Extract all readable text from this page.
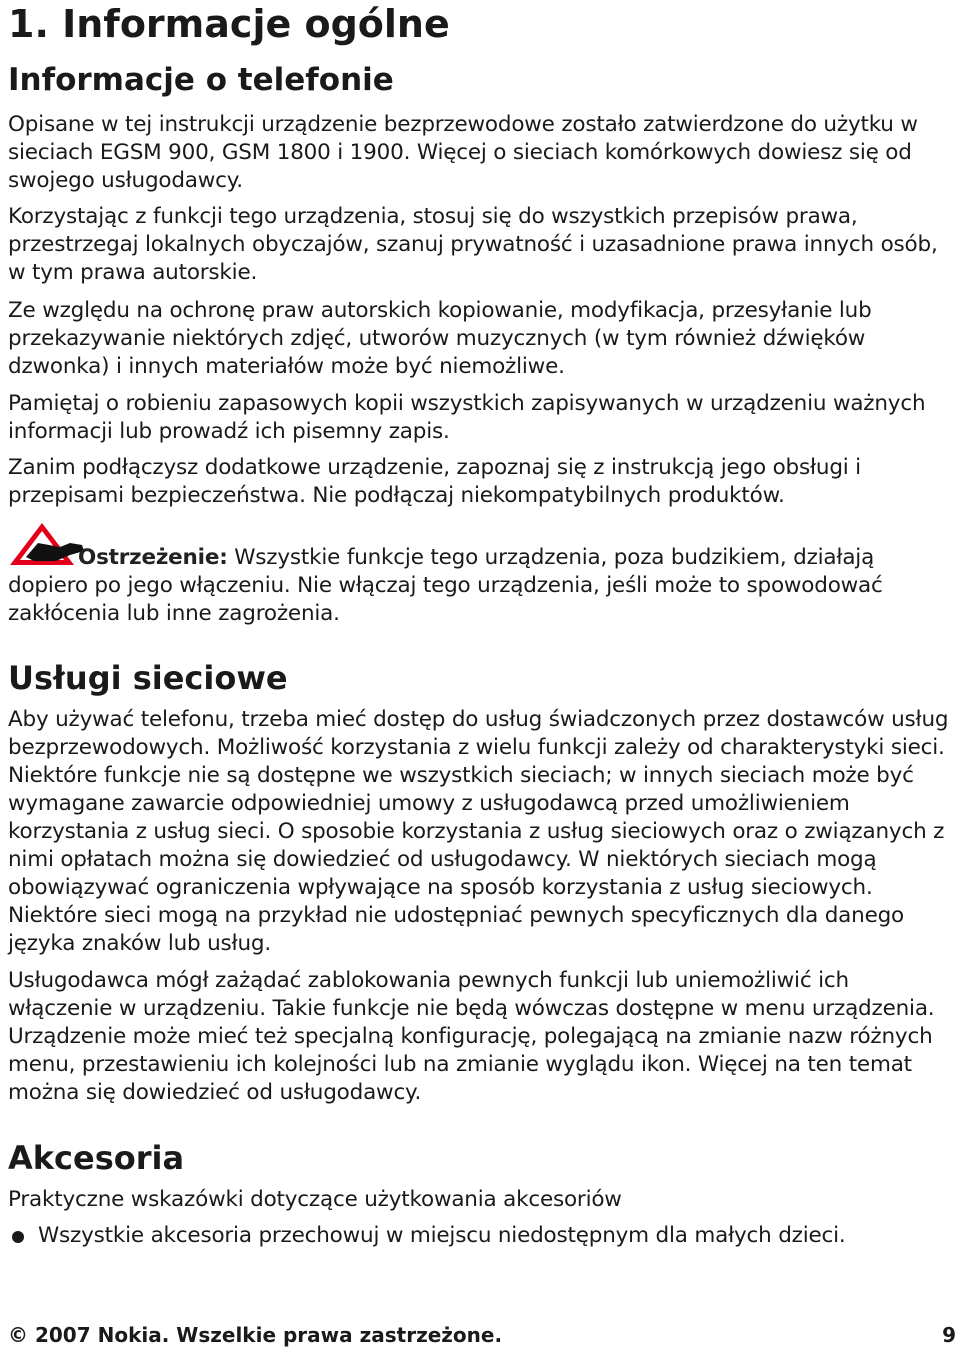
1. Informacje ogólne
Informacje o telefonie

Opisane w tej instrukcji urządzenie bezprzewodowe zostało zatwierdzone do użytku w sieciach EGSM 900, GSM 1800 i 1900. Więcej o sieciach komórkowych dowiesz się od swojego usługodawcy.

Korzystając z funkcji tego urządzenia, stosuj się do wszystkich przepisów prawa, przestrzegaj lokalnych obyczajów, szanuj prywatność i uzasadnione prawa innych osób, w tym prawa autorskie.

Ze względu na ochronę praw autorskich kopiowanie, modyfikacja, przesyłanie lub przekazywanie niektórych zdjęć, utworów muzycznych (w tym również dźwięków dzwonka) i innych materiałów może być niemożliwe.

Pamiętaj o robieniu zapasowych kopii wszystkich zapisywanych w urządzeniu ważnych informacji lub prowadź ich pisemny zapis.

Zanim podłączysz dodatkowe urządzenie, zapoznaj się z instrukcją jego obsługi i przepisami bezpieczeństwa. Nie podłączaj niekompatybilnych produktów.

Ostrzeżenie: Wszystkie funkcje tego urządzenia, poza budzikiem, działają dopiero po jego włączeniu. Nie włączaj tego urządzenia, jeśli może to spowodować zakłócenia lub inne zagrożenia.

Usługi sieciowe

Aby używać telefonu, trzeba mieć dostęp do usług świadczonych przez dostawców usług bezprzewodowych. Możliwość korzystania z wielu funkcji zależy od charakterystyki sieci. Niektóre funkcje nie są dostępne we wszystkich sieciach; w innych sieciach może być wymagane zawarcie odpowiedniej umowy z usługodawcą przed umożliwieniem korzystania z usług sieci. O sposobie korzystania z usług sieciowych oraz o związanych z nimi opłatach można się dowiedzieć od usługodawcy. W niektórych sieciach mogą obowiązywać ograniczenia wpływające na sposób korzystania z usług sieciowych. Niektóre sieci mogą na przykład nie udostępniać pewnych specyficznych dla danego języka znaków lub usług.

Usługodawca mógł zażądać zablokowania pewnych funkcji lub uniemożliwić ich włączenie w urządzeniu. Takie funkcje nie będą wówczas dostępne w menu urządzenia. Urządzenie może mieć też specjalną konfigurację, polegającą na zmianie nazw różnych menu, przestawieniu ich kolejności lub na zmianie wyglądu ikon. Więcej na ten temat można się dowiedzieć od usługodawcy.

Akcesoria

Praktyczne wskazówki dotyczące użytkowania akcesoriów

Wszystkie akcesoria przechowuj w miejscu niedostępnym dla małych dzieci.
© 2007 Nokia. Wszelkie prawa zastrzeżone.	9
